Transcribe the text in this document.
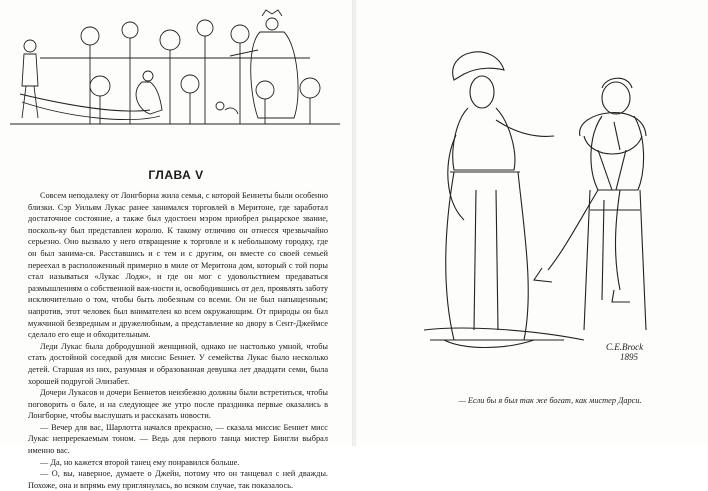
ГЛАВА V

Совсем неподалеку от Лонгборна жила семья, с которой Беннеты были особенно близки. Сэр Уильям Лукас ранее занимался торговлей в Меритоне, где заработал достаточное состояние, а также был удостоен мэром приобрел рыцарское звание, посколь-ку был представлен королю. К такому отличию он отнесся чрезвычайно серьезно. Оно вызвало у него отвращение к торговле и к небольшому городку, где он был занима-ся. Расставшись и с тем и с другим, он вместе со своей семьей переехал в расположенный примерно в миле от Меритона дом, который с той поры стал называться «Лукас Лодж», и где он мог с удовольствием предаваться размышлениям о собственной важ-ности и, освободившись от дел, проявлять заботу исключительно о том, чтобы быть любезным со всеми. Он не был напыщенным; напротив, этот человек был внимателен ко всем окружающим. От природы он был мужчиной безвредным и дружелюбным, а представление ко двору в Сент-Джеймсе сделало его еще и обходительным.

Леди Лукас была добродушной женщиной, однако не настолько умной, чтобы стать достойной соседкой для миссис Беннет. У семейства Лукас было несколько детей. Старшая из них, разумная и образованная девушка лет двадцати семи, была хорошей подругой Элизабет.

Дочери Лукасов и дочери Беннетов неизбежно должны были встретиться, чтобы поговорить о бале, и на следующее же утро после праздника первые оказались в Лонгборне, чтобы выслушать и рассказать новости.

— Вечер для вас, Шарлотта начался прекрасно, — сказала миссис Беннет мисс Лукас непререкаемым тоном. — Ведь для первого танца мистер Бингли выбрал именно вас.

— Да, но кажется второй танец ему понравился больше.

— О, вы, наверное, думаете о Джейн, потому что он танцевал с ней дважды. Похоже, она и впрямь ему приглянулась, во всяком случае, так показалось.

C.E.Brock 1895
— Если бы я был так же богат, как мистер Дарси.
